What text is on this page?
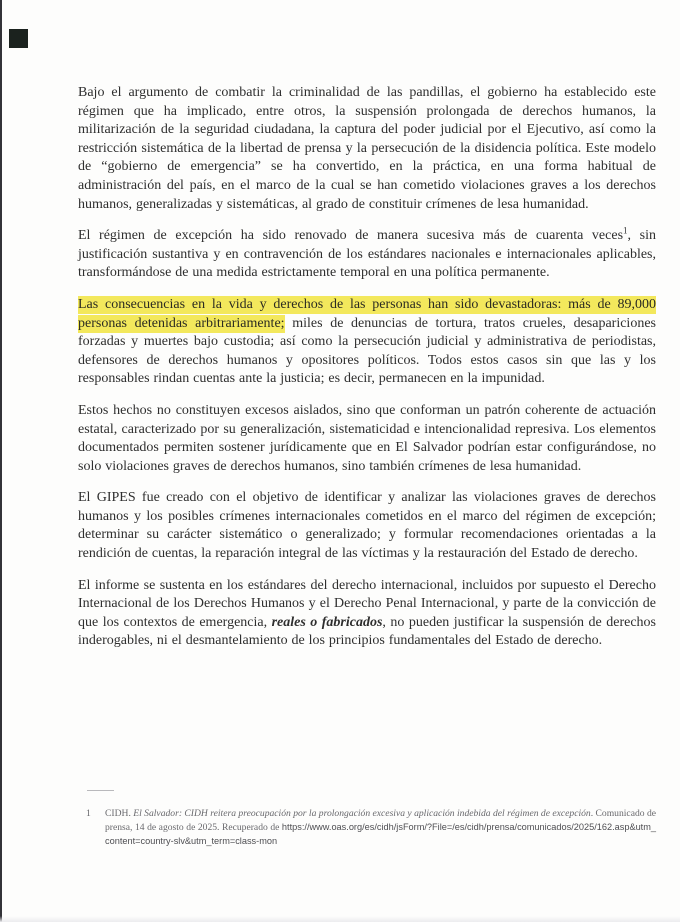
Bajo el argumento de combatir la criminalidad de las pandillas, el gobierno ha establecido este régimen que ha implicado, entre otros, la suspensión prolongada de derechos humanos, la militarización de la seguridad ciudadana, la captura del poder judicial por el Ejecutivo, así como la restricción sistemática de la libertad de prensa y la persecución de la disidencia política. Este modelo de “gobierno de emergencia” se ha convertido, en la práctica, en una forma habitual de administración del país, en el marco de la cual se han cometido violaciones graves a los derechos humanos, generalizadas y sistemáticas, al grado de constituir crímenes de lesa humanidad.

El régimen de excepción ha sido renovado de manera sucesiva más de cuarenta veces$^1$, sin justificación sustantiva y en contravención de los estándares nacionales e internacionales aplicables, transformándose de una medida estrictamente temporal en una política permanente.

Las consecuencias en la vida y derechos de las personas han sido devastadoras: más de 89,000 personas detenidas arbitrariamente; miles de denuncias de tortura, tratos crueles, desapariciones forzadas y muertes bajo custodia; así como la persecución judicial y administrativa de periodistas, defensores de derechos humanos y opositores políticos. Todos estos casos sin que las y los responsables rindan cuentas ante la justicia; es decir, permanecen en la impunidad.

Estos hechos no constituyen excesos aislados, sino que conforman un patrón coherente de actuación estatal, caracterizado por su generalización, sistematicidad e intencionalidad represiva. Los elementos documentados permiten sostener jurídicamente que en El Salvador podrían estar configurándose, no solo violaciones graves de derechos humanos, sino también crímenes de lesa humanidad.

El GIPES fue creado con el objetivo de identificar y analizar las violaciones graves de derechos humanos y los posibles crímenes internacionales cometidos en el marco del régimen de excepción; determinar su carácter sistemático o generalizado; y formular recomendaciones orientadas a la rendición de cuentas, la reparación integral de las víctimas y la restauración del Estado de derecho.

El informe se sustenta en los estándares del derecho internacional, incluidos por supuesto el Derecho Internacional de los Derechos Humanos y el Derecho Penal Internacional, y parte de la convicción de que los contextos de emergencia, reales o fabricados, no pueden justificar la suspensión de derechos inderogables, ni el desmantelamiento de los principios fundamentales del Estado de derecho.

1	CIDH. El Salvador: CIDH reitera preocupación por la prolongación excesiva y aplicación indebida del régimen de excepción. Comunicado de prensa, 14 de agosto de 2025. Recuperado de https://www.oas.org/es/cidh/jsForm/?File=/es/cidh/prensa/comunicados/2025/162.asp&utm_content=country-slv&utm_term=class-mon
